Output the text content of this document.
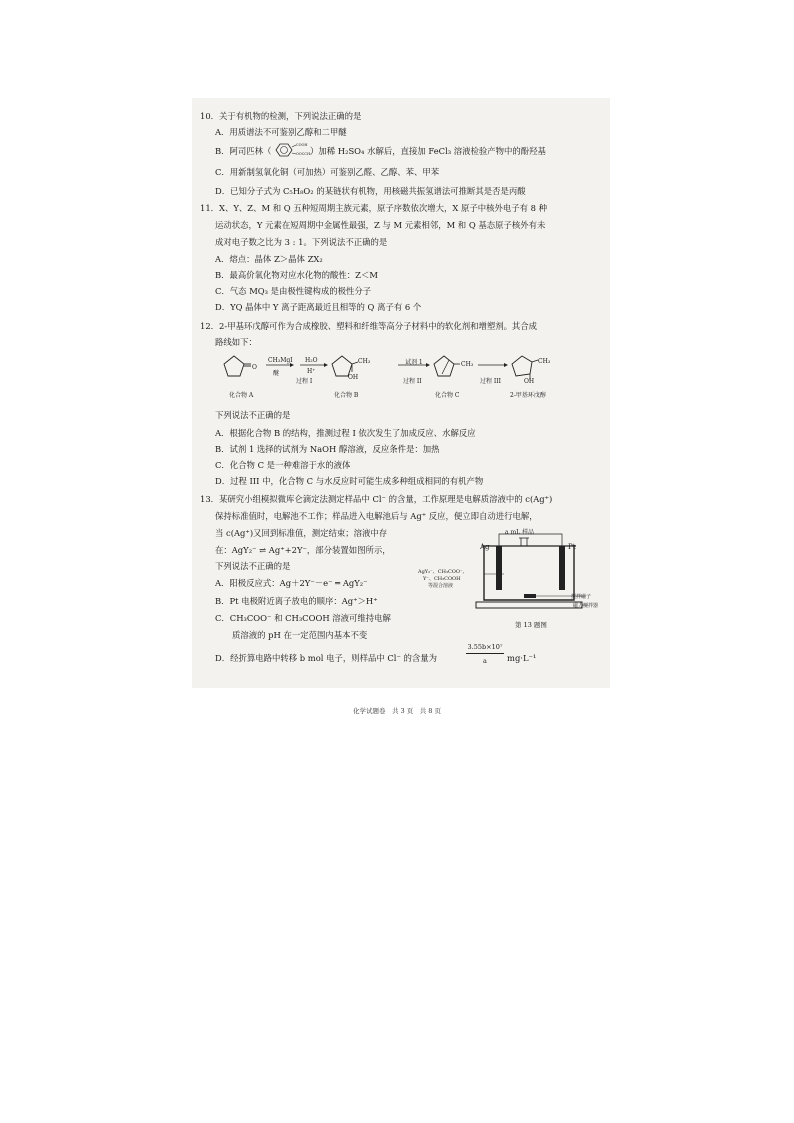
10．关于有机物的检测，下列说法正确的是
A．用质谱法不可鉴别乙醇和二甲醚
B．阿司匹林（
COOH
OOCCH₃
）加稀 H₂SO₄ 水解后，直接加 FeCl₃ 溶液检验产物中的酚羟基
C．用新制氢氧化铜（可加热）可鉴别乙醛、乙醇、苯、甲苯
D．已知分子式为 C₅H₈O₂ 的某链状有机物，用核磁共振氢谱法可推断其是否是丙酸
11．X、Y、Z、M 和 Q 五种短周期主族元素，原子序数依次增大，X 原子中核外电子有 8 种
运动状态，Y 元素在短周期中金属性最强，Z 与 M 元素相邻，M 和 Q 基态原子核外有未
成对电子数之比为 3 : 1。下列说法不正确的是
A．熔点：晶体 Z＞晶体 ZX₂
B．最高价氧化物对应水化物的酸性：Z＜M
C．气态 MQ₃ 是由极性键构成的极性分子
D．YQ 晶体中 Y 离子距离最近且相等的 Q 离子有 6 个
12．2-甲基环戊醇可作为合成橡胶、塑料和纤维等高分子材料中的软化剂和增塑剂。其合成
路线如下：
O
CH₃MgI
醚
H₂O
H⁺
过程 I
CH₃
OH
试剂 1
过程 II
CH₃
过程 III
CH₃
OH
化合物 A	化合物 B	化合物 C	2-甲基环戊醇
下列说法不正确的是
A．根据化合物 B 的结构，推测过程 I 依次发生了加成反应、水解反应
B．试剂 1 选择的试剂为 NaOH 醇溶液，反应条件是：加热
C．化合物 C 是一种难溶于水的液体
D．过程 III 中，化合物 C 与水反应时可能生成多种组成相同的有机产物
13．某研究小组模拟微库仑滴定法测定样品中 Cl⁻ 的含量，工作原理是电解质溶液中的 c(Ag⁺)
保持标准值时，电解池不工作；样品进入电解池后与 Ag⁺ 反应，便立即自动进行电解，
当 c(Ag⁺)又回到标准值，测定结束；溶液中存
在：AgY₂⁻ ⇌ Ag⁺+2Y⁻，部分装置如图所示，
下列说法不正确的是
A．阳极反应式：Ag＋2Y⁻－e⁻ ═ AgY₂⁻
B．Pt 电极附近离子放电的顺序：Ag⁺＞H⁺
C．CH₃COO⁻ 和 CH₃COOH 溶液可维持电解
质溶液的 pH 在一定范围内基本不变
D．经折算电路中转移 b mol 电子，则样品中 Cl⁻ 的含量为
3.55b×10⁷
a	mg·L⁻¹
a mL 样品
Ag	Pt
AgY₂⁻、CH₃COO⁻、
Y⁻、CH₃COOH
等混合溶液
搅拌磁子
磁力搅拌器
第 13 题图
化学试题卷　共 3 页　共 8 页
